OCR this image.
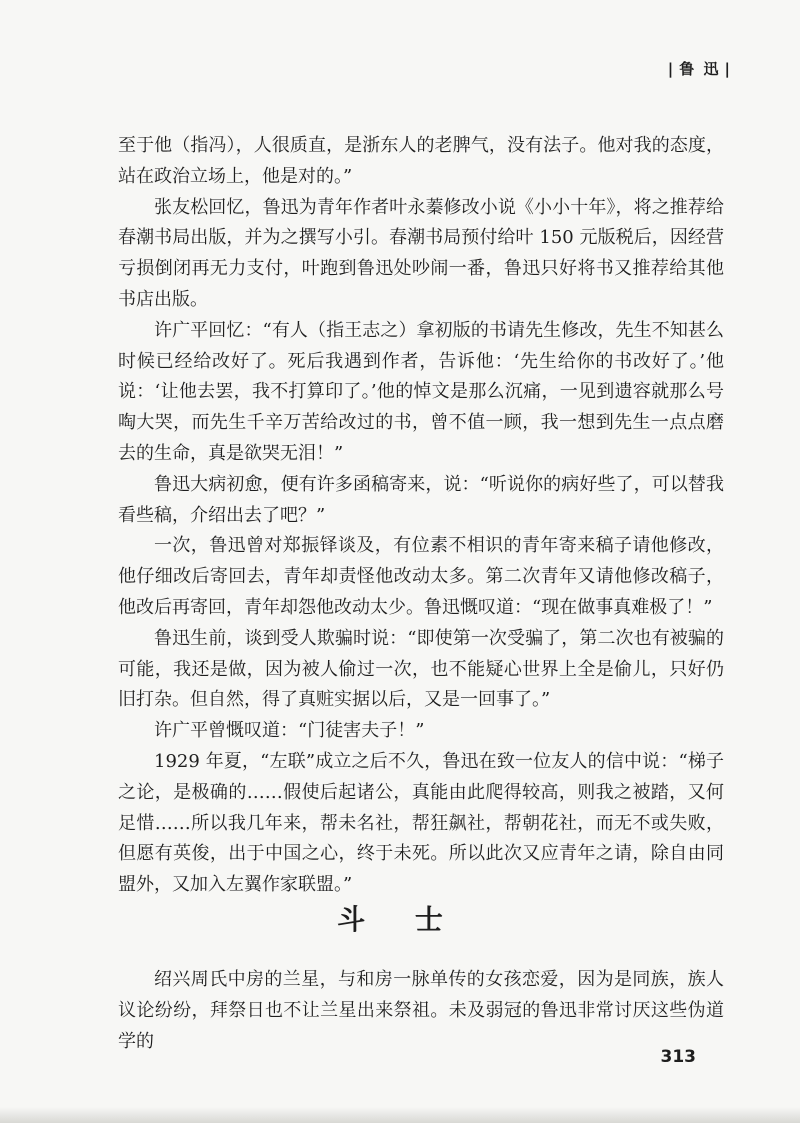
| 鲁 迅 |

至于他（指冯），人很质直，是浙东人的老脾气，没有法子。他对我的态度，站在政治立场上，他是对的。”

张友松回忆，鲁迅为青年作者叶永蓁修改小说《小小十年》，将之推荐给春潮书局出版，并为之撰写小引。春潮书局预付给叶 150 元版税后，因经营亏损倒闭再无力支付，叶跑到鲁迅处吵闹一番，鲁迅只好将书又推荐给其他书店出版。

许广平回忆：“有人（指王志之）拿初版的书请先生修改，先生不知甚么时候已经给改好了。死后我遇到作者，告诉他：‘先生给你的书改好了。’他说：‘让他去罢，我不打算印了。’他的悼文是那么沉痛，一见到遗容就那么号啕大哭，而先生千辛万苦给改过的书，曾不值一顾，我一想到先生一点点磨去的生命，真是欲哭无泪！”

鲁迅大病初愈，便有许多函稿寄来，说：“听说你的病好些了，可以替我看些稿，介绍出去了吧？”

一次，鲁迅曾对郑振铎谈及，有位素不相识的青年寄来稿子请他修改，他仔细改后寄回去，青年却责怪他改动太多。第二次青年又请他修改稿子，他改后再寄回，青年却怨他改动太少。鲁迅慨叹道：“现在做事真难极了！”

鲁迅生前，谈到受人欺骗时说：“即使第一次受骗了，第二次也有被骗的可能，我还是做，因为被人偷过一次，也不能疑心世界上全是偷儿，只好仍旧打杂。但自然，得了真赃实据以后，又是一回事了。”

许广平曾慨叹道：“门徒害夫子！”

1929 年夏，“左联”成立之后不久，鲁迅在致一位友人的信中说：“梯子之论，是极确的……假使后起诸公，真能由此爬得较高，则我之被踏，又何足惜……所以我几年来，帮未名社，帮狂飙社，帮朝花社，而无不或失败，但愿有英俊，出于中国之心，终于未死。所以此次又应青年之请，除自由同盟外，又加入左翼作家联盟。”

斗 士

绍兴周氏中房的兰星，与和房一脉单传的女孩恋爱，因为是同族，族人议论纷纷，拜祭日也不让兰星出来祭祖。未及弱冠的鲁迅非常讨厌这些伪道学的

313
